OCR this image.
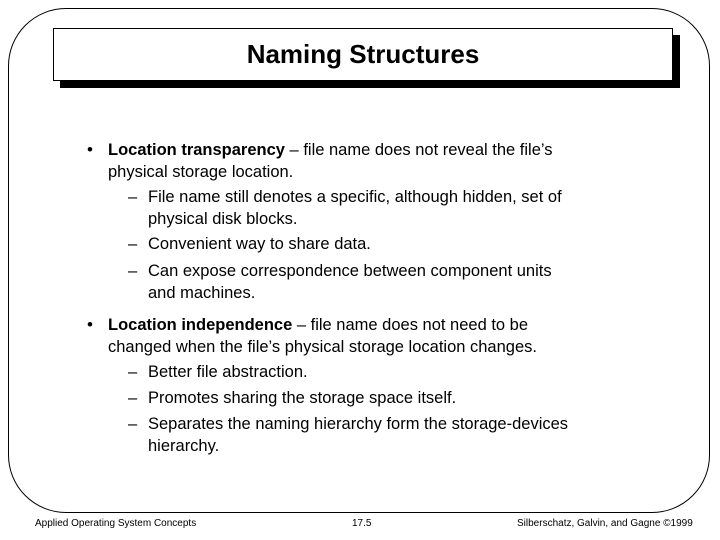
Naming Structures
• Location transparency – file name does not reveal the file’s
physical storage location.
– File name still denotes a specific, although hidden, set of
physical disk blocks.
– Convenient way to share data.
– Can expose correspondence between component units
and machines.
• Location independence – file name does not need to be
changed when the file’s physical storage location changes.
– Better file abstraction.
– Promotes sharing the storage space itself.
– Separates the naming hierarchy form the storage-devices
hierarchy.
Applied Operating System Concepts	17.5	Silberschatz, Galvin, and Gagne ©1999
